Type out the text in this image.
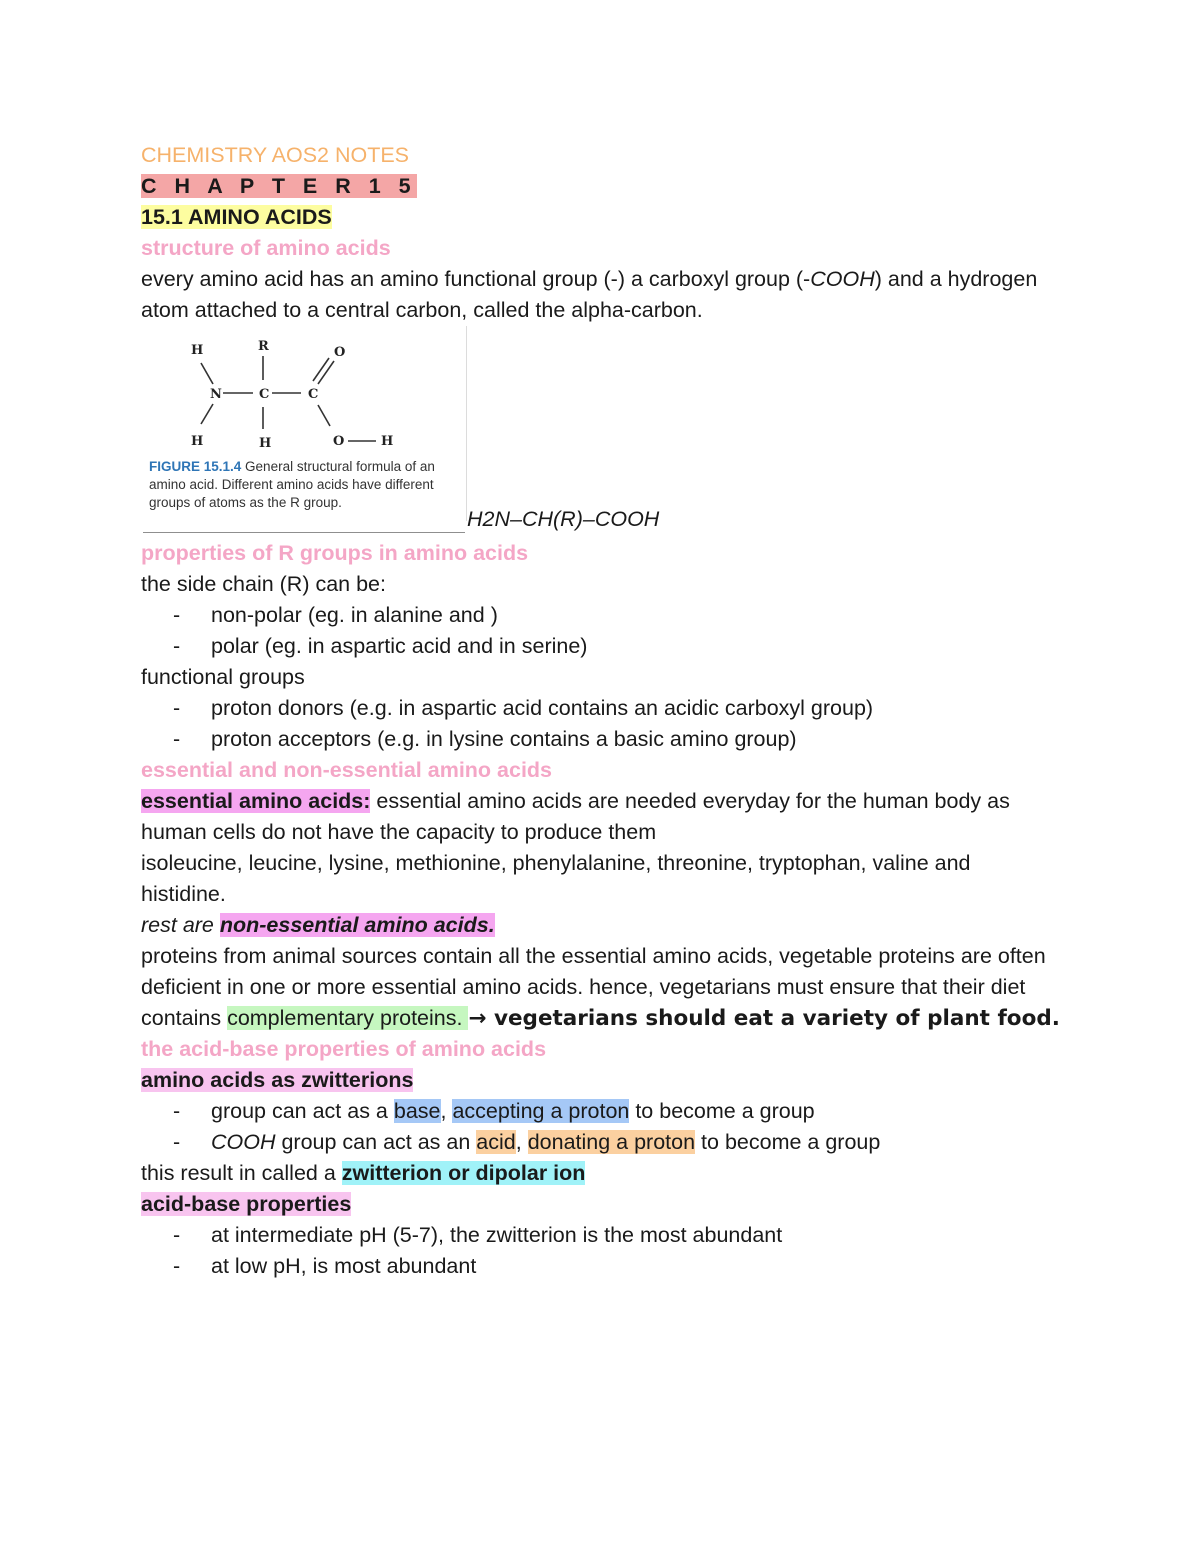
CHEMISTRY AOS2 NOTES
C H A P T E R 1 5
15.1 AMINO ACIDS
structure of amino acids
every amino acid has an amino functional group (-) a carboxyl group (-COOH) and a hydrogen atom attached to a central carbon, called the alpha-carbon.
H	R	O
N	C	C
H	H	O	H
FIGURE 15.1.4 General structural formula of an amino acid. Different amino acids have different groups of atoms as the R group.
H2N–CH(R)–COOH
properties of R groups in amino acids
the side chain (R) can be:
-	non-polar (eg. in alanine and )
-	polar (eg. in aspartic acid and in serine)
functional groups
-	proton donors (e.g. in aspartic acid contains an acidic carboxyl group)
-	proton acceptors (e.g. in lysine contains a basic amino group)
essential and non-essential amino acids
essential amino acids: essential amino acids are needed everyday for the human body as human cells do not have the capacity to produce them
isoleucine, leucine, lysine, methionine, phenylalanine, threonine, tryptophan, valine and histidine.
rest are non-essential amino acids.
proteins from animal sources contain all the essential amino acids, vegetable proteins are often deficient in one or more essential amino acids. hence, vegetarians must ensure that their diet contains complementary proteins. → vegetarians should eat a variety of plant food.
the acid-base properties of amino acids
amino acids as zwitterions
-	group can act as a base, accepting a proton to become a group
-	COOH group can act as an acid, donating a proton to become a group
this result in called a zwitterion or dipolar ion
acid-base properties
-	at intermediate pH (5-7), the zwitterion is the most abundant
-	at low pH, is most abundant
